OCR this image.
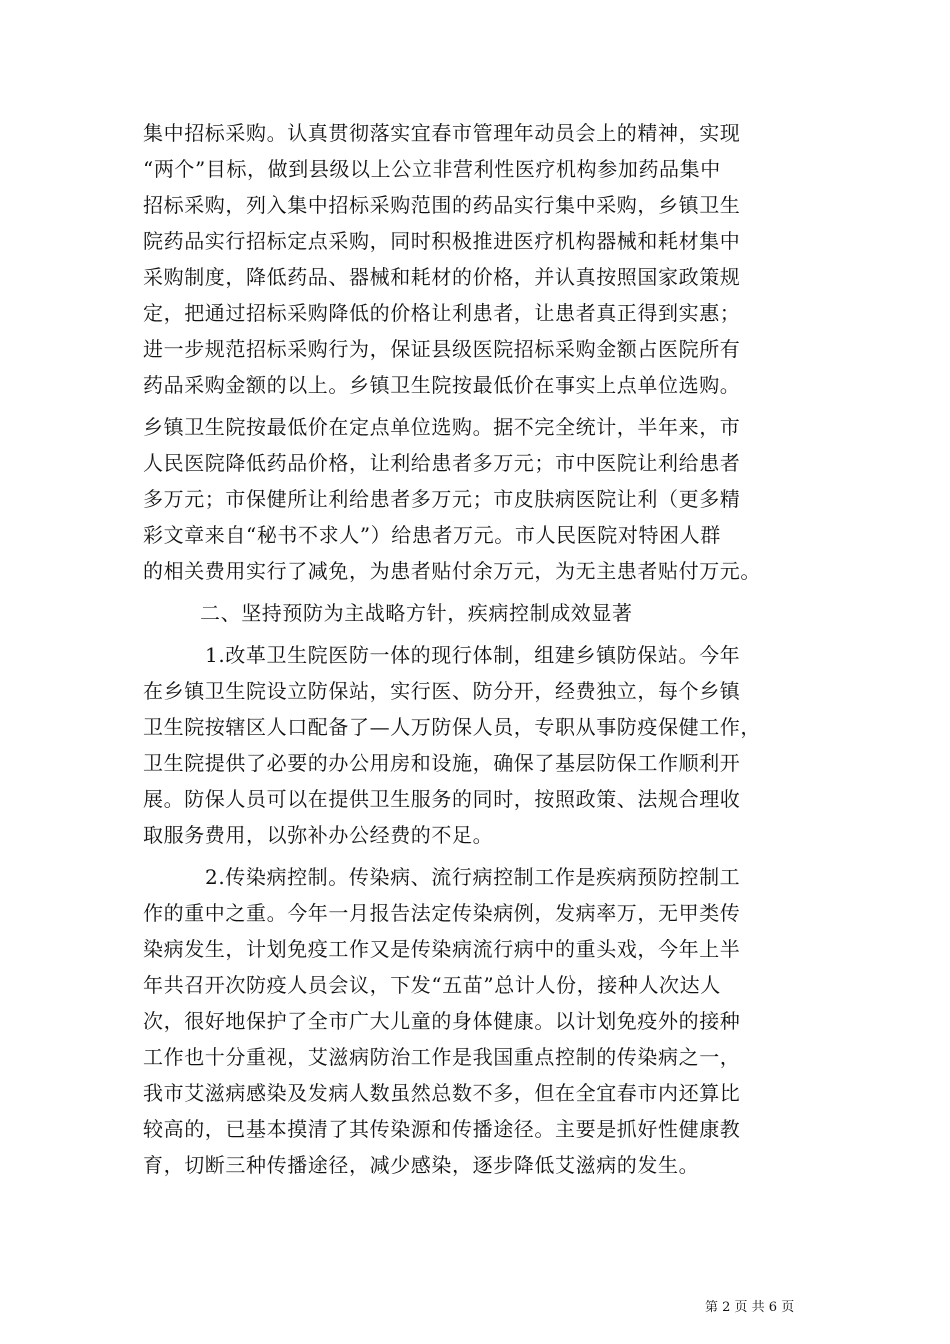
集中招标采购。认真贯彻落实宜春市管理年动员会上的精神，实现

“两个”目标，做到县级以上公立非营利性医疗机构参加药品集中

招标采购，列入集中招标采购范围的药品实行集中采购，乡镇卫生

院药品实行招标定点采购，同时积极推进医疗机构器械和耗材集中

采购制度，降低药品、器械和耗材的价格，并认真按照国家政策规

定，把通过招标采购降低的价格让利患者，让患者真正得到实惠；

进一步规范招标采购行为，保证县级医院招标采购金额占医院所有

药品采购金额的以上。乡镇卫生院按最低价在事实上点单位选购。

乡镇卫生院按最低价在定点单位选购。据不完全统计，半年来，市

人民医院降低药品价格，让利给患者多万元；市中医院让利给患者

多万元；市保健所让利给患者多万元；市皮肤病医院让利（更多精

彩文章来自“秘书不求人”）给患者万元。市人民医院对特困人群

的相关费用实行了减免，为患者贴付余万元，为无主患者贴付万元。

二、坚持预防为主战略方针，疾病控制成效显著

1.改革卫生院医防一体的现行体制，组建乡镇防保站。今年

在乡镇卫生院设立防保站，实行医、防分开，经费独立，每个乡镇

卫生院按辖区人口配备了—人万防保人员，专职从事防疫保健工作，

卫生院提供了必要的办公用房和设施，确保了基层防保工作顺利开

展。防保人员可以在提供卫生服务的同时，按照政策、法规合理收

取服务费用，以弥补办公经费的不足。

2.传染病控制。传染病、流行病控制工作是疾病预防控制工

作的重中之重。今年一月报告法定传染病例，发病率万，无甲类传

染病发生，计划免疫工作又是传染病流行病中的重头戏，今年上半

年共召开次防疫人员会议，下发“五苗”总计人份，接种人次达人

次，很好地保护了全市广大儿童的身体健康。以计划免疫外的接种

工作也十分重视，艾滋病防治工作是我国重点控制的传染病之一，

我市艾滋病感染及发病人数虽然总数不多，但在全宜春市内还算比

较高的，已基本摸清了其传染源和传播途径。主要是抓好性健康教

育，切断三种传播途径，减少感染，逐步降低艾滋病的发生。

第 2 页 共 6 页
